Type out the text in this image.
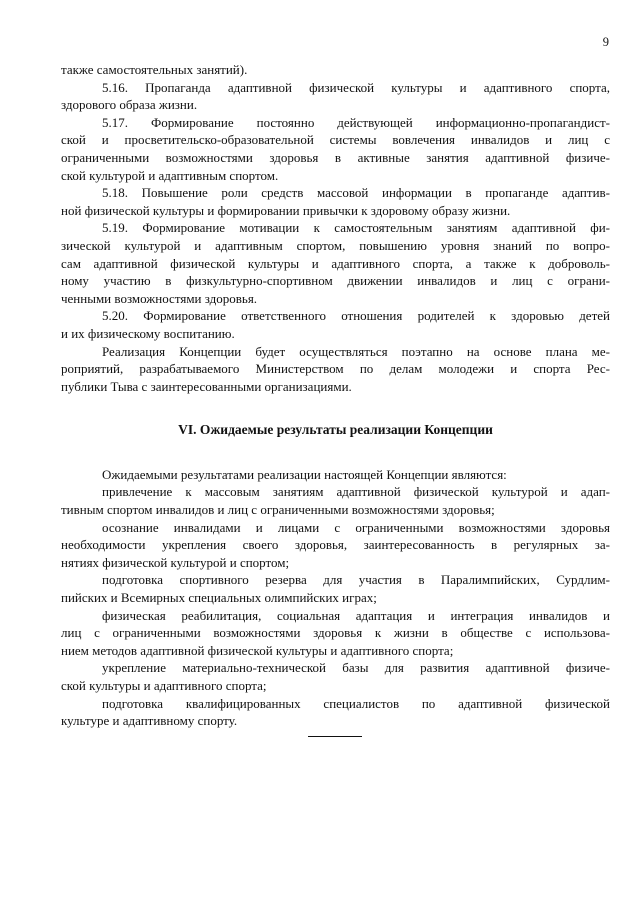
9
также самостоятельных занятий).
5.16. Пропаганда адаптивной физической культуры и адаптивного спорта,
здорового образа жизни.
5.17. Формирование постоянно действующей информационно-пропагандист-
ской и просветительско-образовательной системы вовлечения инвалидов и лиц с
ограниченными возможностями здоровья в активные занятия адаптивной физиче-
ской культурой и адаптивным спортом.
5.18. Повышение роли средств массовой информации в пропаганде адаптив-
ной физической культуры и формировании привычки к здоровому образу жизни.
5.19. Формирование мотивации к самостоятельным занятиям адаптивной фи-
зической культурой и адаптивным спортом, повышению уровня знаний по вопро-
сам адаптивной физической культуры и адаптивного спорта, а также к доброволь-
ному участию в физкультурно-спортивном движении инвалидов и лиц с ограни-
ченными возможностями здоровья.
5.20. Формирование ответственного отношения родителей к здоровью детей
и их физическому воспитанию.
Реализация Концепции будет осуществляться поэтапно на основе плана ме-
роприятий, разрабатываемого Министерством по делам молодежи и спорта Рес-
публики Тыва с заинтересованными организациями.
VI. Ожидаемые результаты реализации Концепции
Ожидаемыми результатами реализации настоящей Концепции являются:
привлечение к массовым занятиям адаптивной физической культурой и адап-
тивным спортом инвалидов и лиц с ограниченными возможностями здоровья;
осознание инвалидами и лицами с ограниченными возможностями здоровья
необходимости укрепления своего здоровья, заинтересованность в регулярных за-
нятиях физической культурой и спортом;
подготовка спортивного резерва для участия в Паралимпийских, Сурдлим-
пийских и Всемирных специальных олимпийских играх;
физическая реабилитация, социальная адаптация и интеграция инвалидов и
лиц с ограниченными возможностями здоровья к жизни в обществе с использова-
нием методов адаптивной физической культуры и адаптивного спорта;
укрепление материально-технической базы для развития адаптивной физиче-
ской культуры и адаптивного спорта;
подготовка квалифицированных специалистов по адаптивной физической
культуре и адаптивному спорту.
